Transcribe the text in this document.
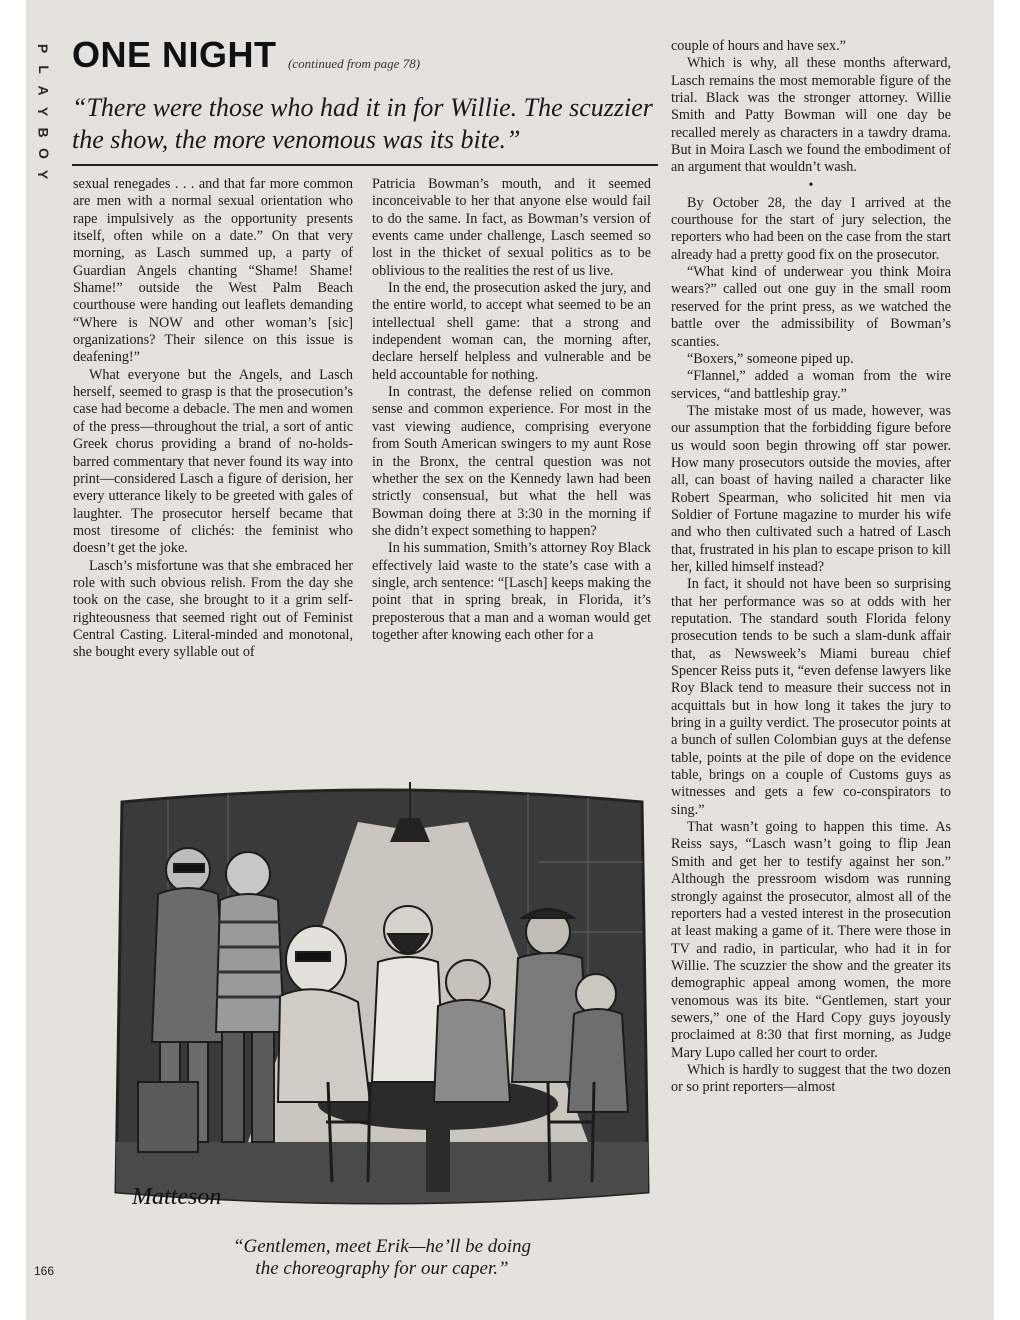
P
L
A
Y
B
O
Y
ONE NIGHT (continued from page 78)
“There were those who had it in for Willie. The scuzzier the show, the more venomous was its bite.”

sexual renegades . . . and that far more common are men with a normal sexual orientation who rape impulsively as the opportunity presents itself, often while on a date.” On that very morning, as Lasch summed up, a party of Guardian Angels chanting “Shame! Shame! Shame!” outside the West Palm Beach courthouse were handing out leaflets demanding “Where is NOW and other woman’s [sic] organizations? Their silence on this issue is deafening!”

What everyone but the Angels, and Lasch herself, seemed to grasp is that the prosecution’s case had become a debacle. The men and women of the press—throughout the trial, a sort of antic Greek chorus providing a brand of no-holds-barred commentary that never found its way into print—considered Lasch a figure of derision, her every utterance likely to be greeted with gales of laughter. The prosecutor herself became that most tiresome of clichés: the feminist who doesn’t get the joke.

Lasch’s misfortune was that she embraced her role with such obvious relish. From the day she took on the case, she brought to it a grim self-righteousness that seemed right out of Feminist Central Casting. Literal-minded and monotonal, she bought every syllable out of

Patricia Bowman’s mouth, and it seemed inconceivable to her that anyone else would fail to do the same. In fact, as Bowman’s version of events came under challenge, Lasch seemed so lost in the thicket of sexual politics as to be oblivious to the realities the rest of us live.

In the end, the prosecution asked the jury, and the entire world, to accept what seemed to be an intellectual shell game: that a strong and independent woman can, the morning after, declare herself helpless and vulnerable and be held accountable for nothing.

In contrast, the defense relied on common sense and common experience. For most in the vast viewing audience, comprising everyone from South American swingers to my aunt Rose in the Bronx, the central question was not whether the sex on the Kennedy lawn had been strictly consensual, but what the hell was Bowman doing there at 3:30 in the morning if she didn’t expect something to happen?

In his summation, Smith’s attorney Roy Black effectively laid waste to the state’s case with a single, arch sentence: “[Lasch] keeps making the point that in spring break, in Florida, it’s preposterous that a man and a woman would get together after knowing each other for a

couple of hours and have sex.”

Which is why, all these months afterward, Lasch remains the most memorable figure of the trial. Black was the stronger attorney. Willie Smith and Patty Bowman will one day be recalled merely as characters in a tawdry drama. But in Moira Lasch we found the embodiment of an argument that wouldn’t wash.

•

By October 28, the day I arrived at the courthouse for the start of jury selection, the reporters who had been on the case from the start already had a pretty good fix on the prosecutor.

“What kind of underwear you think Moira wears?” called out one guy in the small room reserved for the print press, as we watched the battle over the admissibility of Bowman’s scanties.

“Boxers,” someone piped up.

“Flannel,” added a woman from the wire services, “and battleship gray.”

The mistake most of us made, however, was our assumption that the forbidding figure before us would soon begin throwing off star power. How many prosecutors outside the movies, after all, can boast of having nailed a character like Robert Spearman, who solicited hit men via Soldier of Fortune magazine to murder his wife and who then cultivated such a hatred of Lasch that, frustrated in his plan to escape prison to kill her, killed himself instead?

In fact, it should not have been so surprising that her performance was so at odds with her reputation. The standard south Florida felony prosecution tends to be such a slam-dunk affair that, as Newsweek’s Miami bureau chief Spencer Reiss puts it, “even defense lawyers like Roy Black tend to measure their success not in acquittals but in how long it takes the jury to bring in a guilty verdict. The prosecutor points at a bunch of sullen Colombian guys at the defense table, points at the pile of dope on the evidence table, brings on a couple of Customs guys as witnesses and gets a few co-conspirators to sing.”

That wasn’t going to happen this time. As Reiss says, “Lasch wasn’t going to flip Jean Smith and get her to testify against her son.” Although the pressroom wisdom was running strongly against the prosecutor, almost all of the reporters had a vested interest in the prosecution at least making a game of it. There were those in TV and radio, in particular, who had it in for Willie. The scuzzier the show and the greater its demographic appeal among women, the more venomous was its bite. “Gentlemen, start your sewers,” one of the Hard Copy guys joyously proclaimed at 8:30 that first morning, as Judge Mary Lupo called her court to order.

Which is hardly to suggest that the two dozen or so print reporters—almost

Matteson
“Gentlemen, meet Erik—he’ll be doing
the choreography for our caper.”
166
